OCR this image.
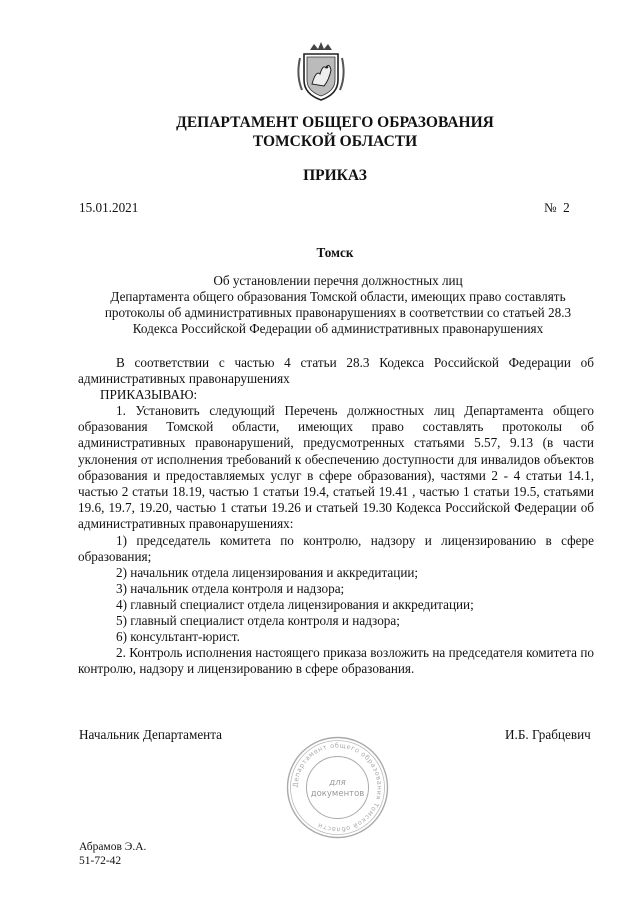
ДЕПАРТАМЕНТ ОБЩЕГО ОБРАЗОВАНИЯ
ТОМСКОЙ ОБЛАСТИ
ПРИКАЗ
15.01.2021	№  2
Томск
Об установлении перечня должностных лиц
Департамента общего образования Томской области, имеющих право составлять
протоколы об административных правонарушениях в соответствии со статьей 28.3
Кодекса Российской Федерации об административных правонарушениях
В соответствии с частью 4 статьи 28.3 Кодекса Российской Федерации об административных правонарушениях
ПРИКАЗЫВАЮ:
1. Установить следующий Перечень должностных лиц Департамента общего образования Томской области, имеющих право составлять протоколы об административных правонарушений, предусмотренных статьями 5.57, 9.13 (в части уклонения от исполнения требований к обеспечению доступности для инвалидов объектов образования и предоставляемых услуг в сфере образования), частями 2 - 4 статьи 14.1, частью 2 статьи 18.19, частью 1 статьи 19.4, статьей 19.41 , частью 1 статьи 19.5, статьями 19.6, 19.7, 19.20, частью 1 статьи 19.26 и статьей 19.30 Кодекса Российской Федерации об административных правонарушениях:
1) председатель комитета по контролю, надзору и лицензированию в сфере образования;
2) начальник отдела лицензирования и аккредитации;
3) начальник отдела контроля и надзора;
4) главный специалист отдела лицензирования и аккредитации;
5) главный специалист отдела контроля и надзора;
6) консультант-юрист.
2. Контроль исполнения настоящего приказа возложить на председателя комитета по контролю, надзору и лицензированию в сфере образования.
Начальник Департамента	И.Б. Грабцевич
Департамент общего образования Томской области
для
документов
Абрамов Э.А.
51-72-42
